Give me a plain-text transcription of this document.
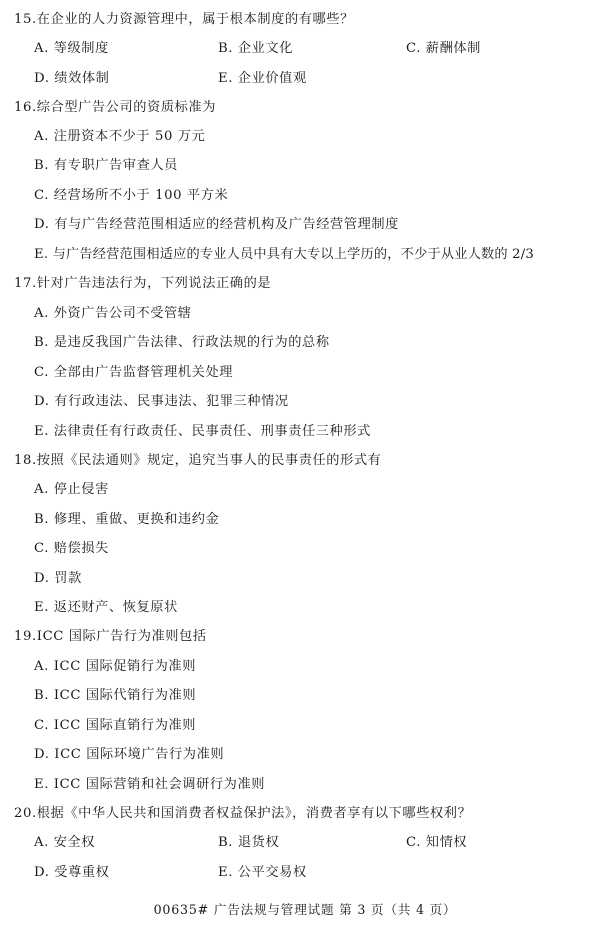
15.在企业的人力资源管理中，属于根本制度的有哪些？
A. 等级制度	B. 企业文化	C. 薪酬体制
D. 绩效体制	E. 企业价值观
16.综合型广告公司的资质标准为
A. 注册资本不少于 50 万元
B. 有专职广告审查人员
C. 经营场所不小于 100 平方米
D. 有与广告经营范围相适应的经营机构及广告经营管理制度
E. 与广告经营范围相适应的专业人员中具有大专以上学历的，不少于从业人数的 2/3
17.针对广告违法行为，下列说法正确的是
A. 外资广告公司不受管辖
B. 是违反我国广告法律、行政法规的行为的总称
C. 全部由广告监督管理机关处理
D. 有行政违法、民事违法、犯罪三种情况
E. 法律责任有行政责任、民事责任、刑事责任三种形式
18.按照《民法通则》规定，追究当事人的民事责任的形式有
A. 停止侵害
B. 修理、重做、更换和违约金
C. 赔偿损失
D. 罚款
E. 返还财产、恢复原状
19.ICC 国际广告行为准则包括
A. ICC 国际促销行为准则
B. ICC 国际代销行为准则
C. ICC 国际直销行为准则
D. ICC 国际环境广告行为准则
E. ICC 国际营销和社会调研行为准则
20.根据《中华人民共和国消费者权益保护法》，消费者享有以下哪些权利？
A. 安全权	B. 退货权	C. 知情权
D. 受尊重权	E. 公平交易权
00635# 广告法规与管理试题 第 3 页（共 4 页）
